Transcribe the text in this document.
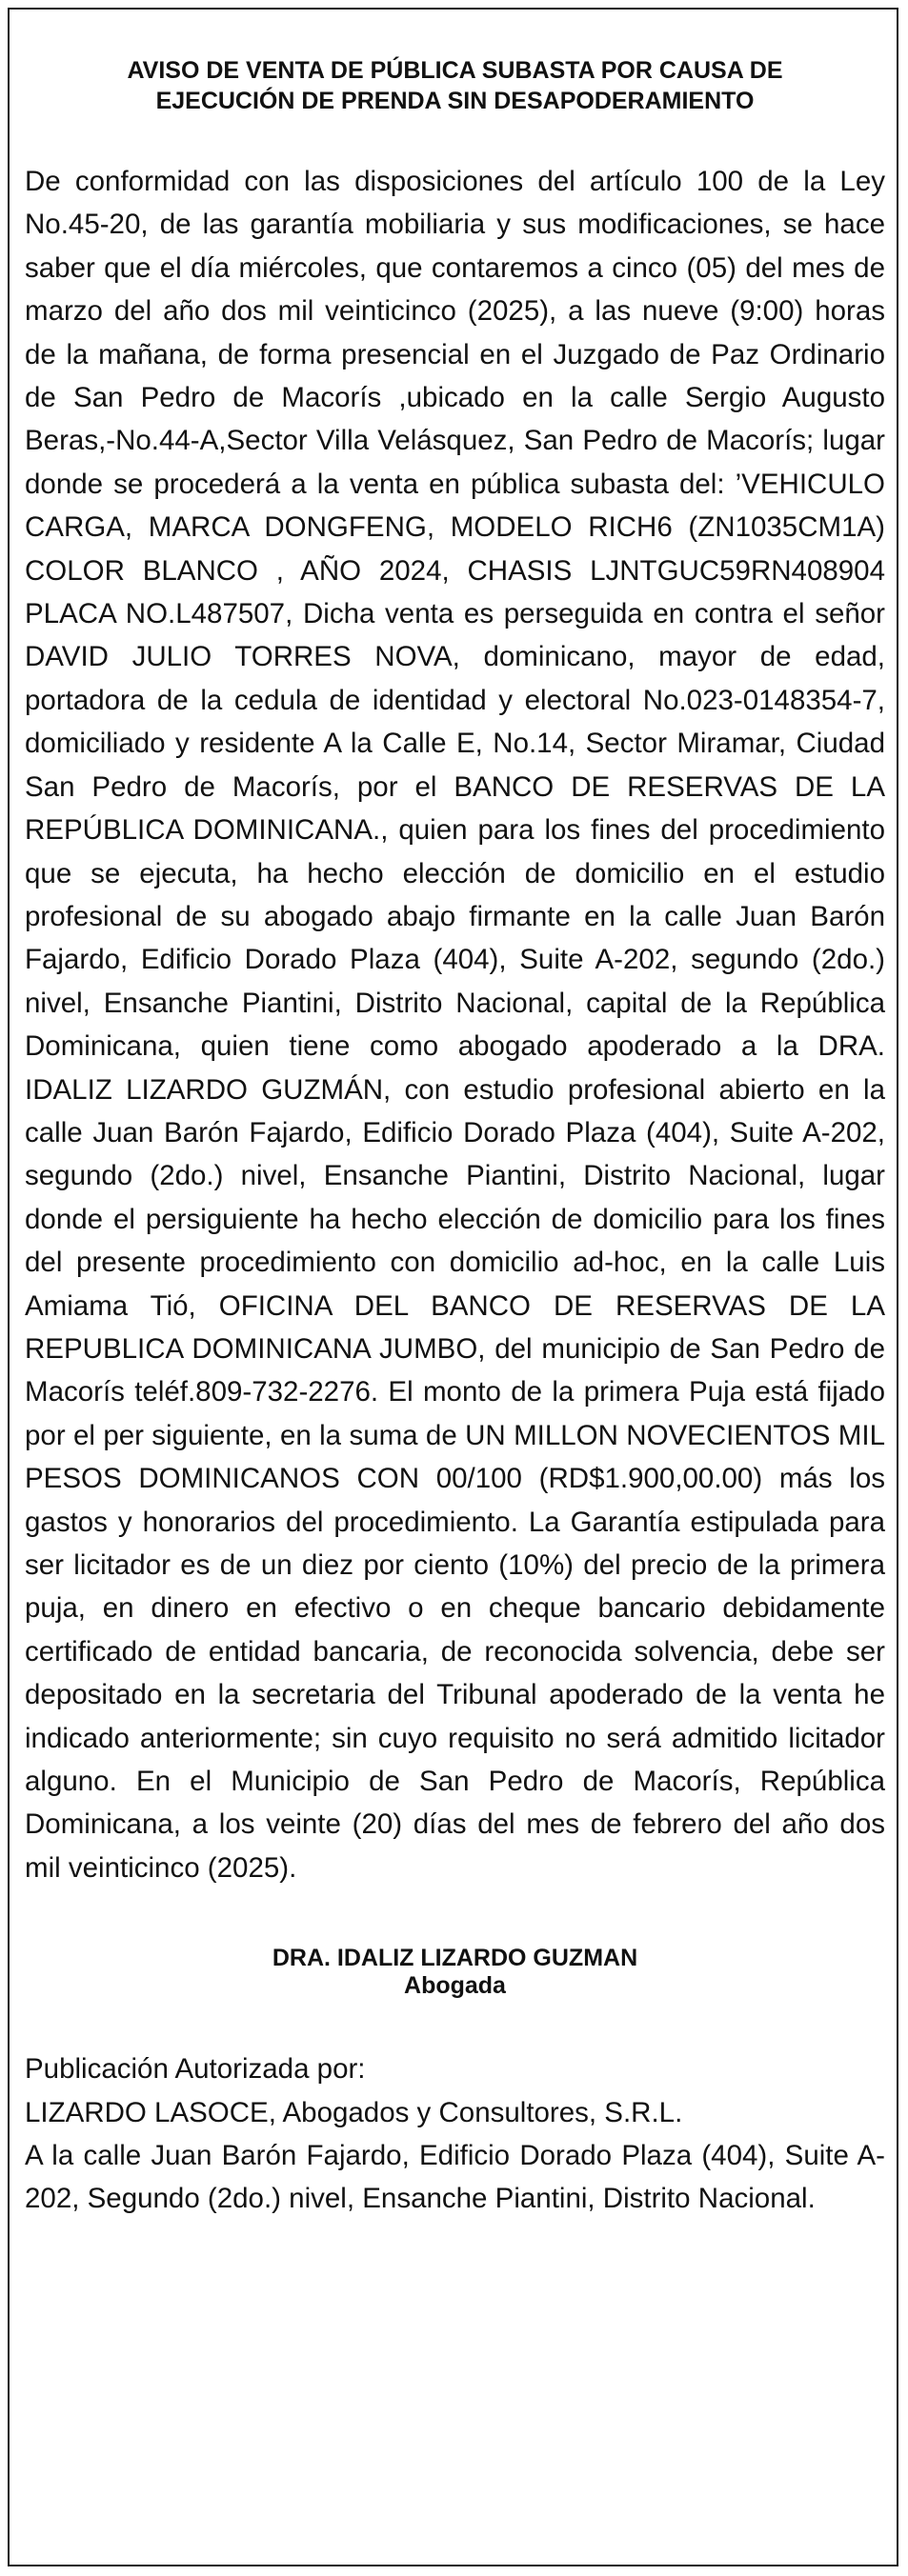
AVISO DE VENTA DE PÚBLICA SUBASTA POR CAUSA DE
EJECUCIÓN DE PRENDA SIN DESAPODERAMIENTO

De conformidad con las disposiciones del artículo 100 de la Ley No.45-20, de las garantía mobiliaria y sus modificaciones, se hace saber que el día miércoles, que contaremos a cinco (05) del mes de marzo del año dos mil veinticinco (2025), a las nueve (9:00) horas de la mañana, de forma presencial en el Juzgado de Paz Ordinario de San Pedro de Macorís ,ubicado en la calle Sergio Augusto Beras,-No.44-A,Sector Villa Velásquez, San Pedro de Macorís; lugar donde se procederá a la venta en pública subasta del: ’VEHICULO CARGA, MARCA DONGFENG, MODELO RICH6 (ZN1035CM1A) COLOR BLANCO , AÑO 2024, CHASIS LJNTGUC59RN408904 PLACA NO.L487507, Dicha venta es perseguida en contra el señor DAVID JULIO TORRES NOVA, dominicano, mayor de edad, portadora de la cedula de identidad y electoral No.023-0148354-7, domiciliado y residente A la Calle E, No.14, Sector Miramar, Ciudad San Pedro de Macorís, por el BANCO DE RESERVAS DE LA REPÚBLICA DOMINICANA., quien para los fines del procedimiento que se ejecuta, ha hecho elección de domicilio en el estudio profesional de su abogado abajo firmante en la calle Juan Barón Fajardo, Edificio Dorado Plaza (404), Suite A-202, segundo (2do.) nivel, Ensanche Piantini, Distrito Nacional, capital de la República Dominicana, quien tiene como abogado apoderado a la DRA. IDALIZ LIZARDO GUZMÁN, con estudio profesional abierto en la calle Juan Barón Fajardo, Edificio Dorado Plaza (404), Suite A-202, segundo (2do.) nivel, Ensanche Piantini, Distrito Nacional, lugar donde el persiguiente ha hecho elección de domicilio para los fines del presente procedimiento con domicilio ad-hoc, en la calle Luis Amiama Tió, OFICINA DEL BANCO DE RESERVAS DE LA REPUBLICA DOMINICANA JUMBO, del municipio de San Pedro de Macorís teléf.809-732-2276. El monto de la primera Puja está fijado por el per siguiente, en la suma de UN MILLON NOVECIENTOS MIL PESOS DOMINICANOS CON 00/100 (RD$1.900,00.00) más los gastos y honorarios del procedimiento. La Garantía estipulada para ser licitador es de un diez por ciento (10%) del precio de la primera puja, en dinero en efectivo o en cheque bancario debidamente certificado de entidad bancaria, de reconocida solvencia, debe ser depositado en la secretaria del Tribunal apoderado de la venta he indicado anteriormente; sin cuyo requisito no será admitido licitador alguno. En el Municipio de San Pedro de Macorís, República Dominicana, a los veinte (20) días del mes de febrero del año dos mil veinticinco (2025).

DRA. IDALIZ LIZARDO GUZMAN
Abogada
Publicación Autorizada por:
LIZARDO LASOCE, Abogados y Consultores, S.R.L.
A la calle Juan Barón Fajardo, Edificio Dorado Plaza (404), Suite A-202, Segundo (2do.) nivel, Ensanche Piantini, Distrito Nacional.
